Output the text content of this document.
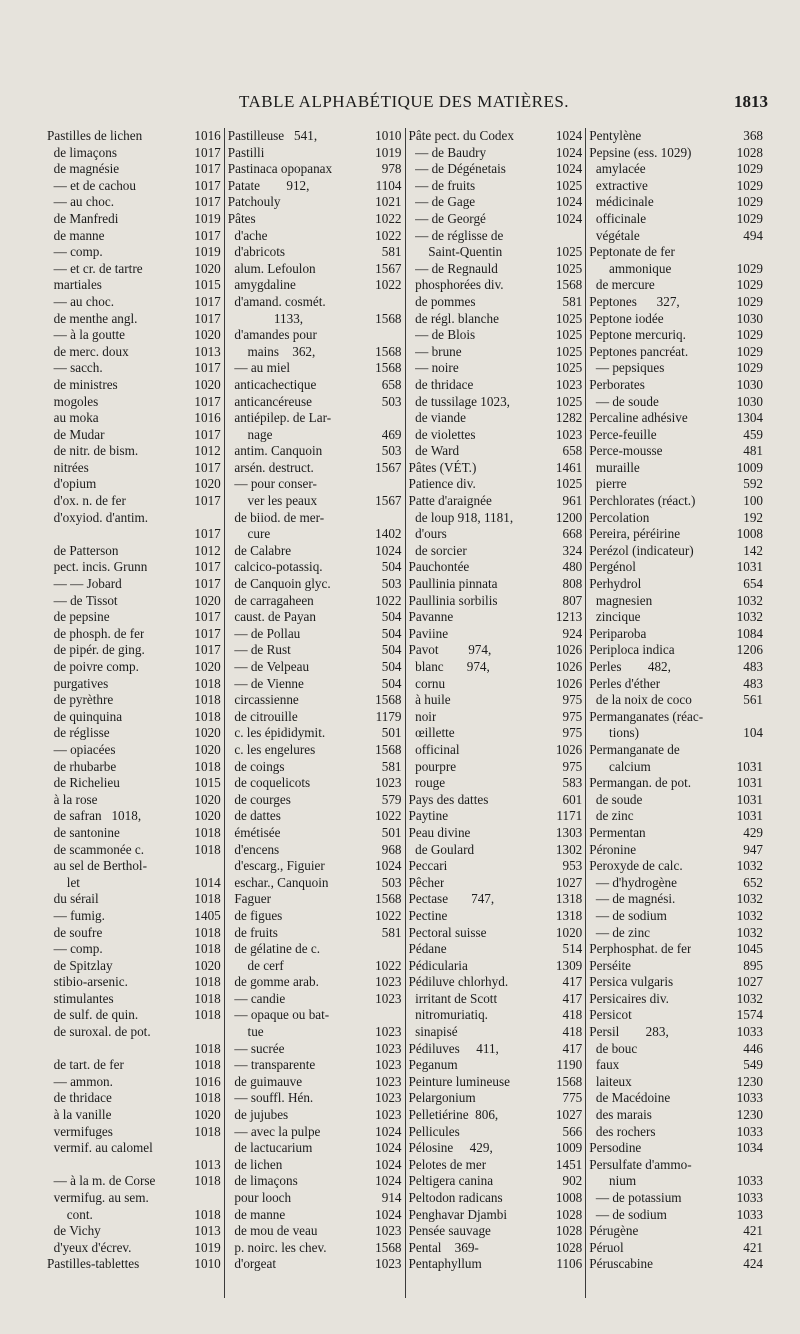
TABLE ALPHABÉTIQUE DES MATIÈRES.	1813
Pastilles de lichen	1016
de limaçons	1017
de magnésie	1017
— et de cachou	1017
— au choc.	1017
de Manfredi	1019
de manne	1017
— comp.	1019
— et cr. de tartre	1020
martiales	1015
— au choc.	1017
de menthe angl.	1017
— à la goutte	1020
de merc. doux	1013
— sacch.	1017
de ministres	1020
mogoles	1017
au moka	1016
de Mudar	1017
de nitr. de bism.	1012
nitrées	1017
d'opium	1020
d'ox. n. de fer	1017
d'oxyiod. d'antim.
1017
de Patterson	1012
pect. incis. Grunn	1017
— — Jobard	1017
— de Tissot	1020
de pepsine	1017
de phosph. de fer	1017
de pipér. de ging.	1017
de poivre comp.	1020
purgatives	1018
de pyrèthre	1018
de quinquina	1018
de réglisse	1020
— opiacées	1020
de rhubarbe	1018
de Richelieu	1015
à la rose	1020
de safran   1018,	1020
de santonine	1018
de scammonée c.	1018
au sel de Berthol-
let	1014
du sérail	1018
— fumig.	1405
de soufre	1018
— comp.	1018
de Spitzlay	1020
stibio-arsenic.	1018
stimulantes	1018
de sulf. de quin.	1018
de suroxal. de pot.
1018
de tart. de fer	1018
— ammon.	1016
de thridace	1018
à la vanille	1020
vermifuges	1018
vermif. au calomel
1013
— à la m. de Corse	1018
vermifug. au sem.
cont.	1018
de Vichy	1013
d'yeux d'écrev.	1019
Pastilles-tablettes	1010
Pastilleuse   541,	1010
Pastilli	1019
Pastinaca opopanax	978
Patate        912,	1104
Patchouly	1021
Pâtes	1022
d'ache	1022
d'abricots	581
alum. Lefoulon	1567
amygdaline	1022
d'amand. cosmét.
1133,	1568
d'amandes pour
mains    362,	1568
— au miel	1568
anticachectique	658
anticancéreuse	503
antiépilep. de Lar-
nage	469
antim. Canquoin	503
arsén. destruct.	1567
— pour conser-
ver les peaux	1567
de biiod. de mer-
cure	1402
de Calabre	1024
calcico-potassiq.	504
de Canquoin glyc.	503
de carragaheen	1022
caust. de Payan	504
— de Pollau	504
— de Rust	504
— de Velpeau	504
— de Vienne	504
circassienne	1568
de citrouille	1179
c. les épididymit.	501
c. les engelures	1568
de coings	581
de coquelicots	1023
de courges	579
de dattes	1022
émétisée	501
d'encens	968
d'escarg., Figuier	1024
eschar., Canquoin	503
Faguer	1568
de figues	1022
de fruits	581
de gélatine de c.
de cerf	1022
de gomme arab.	1023
— candie	1023
— opaque ou bat-
tue	1023
— sucrée	1023
— transparente	1023
de guimauve	1023
— souffl. Hén.	1023
de jujubes	1023
— avec la pulpe	1024
de lactucarium	1024
de lichen	1024
de limaçons	1024
pour looch	914
de manne	1024
de mou de veau	1023
p. noirc. les chev.	1568
d'orgeat	1023
Pâte pect. du Codex	1024
— de Baudry	1024
— de Dégénetais	1024
— de fruits	1025
— de Gage	1024
— de Georgé	1024
— de réglisse de
Saint-Quentin	1025
— de Regnauld	1025
phosphorées div.	1568
de pommes	581
de régl. blanche	1025
— de Blois	1025
— brune	1025
— noire	1025
de thridace	1023
de tussilage 1023,	1025
de viande	1282
de violettes	1023
de Ward	658
Pâtes (VÉT.)	1461
Patience div.	1025
Patte d'araignée	961
de loup 918, 1181,	1200
d'ours	668
de sorcier	324
Pauchontée	480
Paullinia pinnata	808
Paullinia sorbilis	807
Pavanne	1213
Paviine	924
Pavot         974,	1026
blanc       974,	1026
cornu	1026
à huile	975
noir	975
œillette	975
officinal	1026
pourpre	975
rouge	583
Pays des dattes	601
Paytine	1171
Peau divine	1303
de Goulard	1302
Peccari	953
Pêcher	1027
Pectase       747,	1318
Pectine	1318
Pectoral suisse	1020
Pédane	514
Pédicularia	1309
Pédiluve chlorhyd.	417
irritant de Scott	417
nitromuriatiq.	418
sinapisé	418
Pédiluves     411,	417
Peganum	1190
Peinture lumineuse	1568
Pelargonium	775
Pelletiérine  806,	1027
Pellicules	566
Pélosine     429,	1009
Pelotes de mer	1451
Peltigera canina	902
Peltodon radicans	1008
Penghavar Djambi	1028
Pensée sauvage	1028
Pental    369-	1028
Pentaphyllum	1106
Pentylène	368
Pepsine (ess. 1029)	1028
amylacée	1029
extractive	1029
médicinale	1029
officinale	1029
végétale	494
Peptonate de fer
ammonique	1029
de mercure	1029
Peptones      327,	1029
Peptone iodée	1030
Peptone mercuriq.	1029
Peptones pancréat.	1029
— pepsiques	1029
Perborates	1030
— de soude	1030
Percaline adhésive	1304
Perce-feuille	459
Perce-mousse	481
muraille	1009
pierre	592
Perchlorates (réact.)	100
Percolation	192
Pereira, péréirine	1008
Perézol (indicateur)	142
Pergénol	1031
Perhydrol	654
magnesien	1032
zincique	1032
Periparoba	1084
Periploca indica	1206
Perles        482,	483
Perles d'éther	483
de la noix de coco	561
Permanganates (réac-
tions)	104
Permanganate de
calcium	1031
Permangan. de pot.	1031
de soude	1031
de zinc	1031
Permentan	429
Péronine	947
Peroxyde de calc.	1032
— d'hydrogène	652
— de magnési.	1032
— de sodium	1032
— de zinc	1032
Perphosphat. de fer	1045
Perséite	895
Persica vulgaris	1027
Persicaires div.	1032
Persicot	1574
Persil        283,	1033
de bouc	446
faux	549
laiteux	1230
de Macédoine	1033
des marais	1230
des rochers	1033
Persodine	1034
Persulfate d'ammo-
nium	1033
— de potassium	1033
— de sodium	1033
Pérugène	421
Péruol	421
Péruscabine	424
